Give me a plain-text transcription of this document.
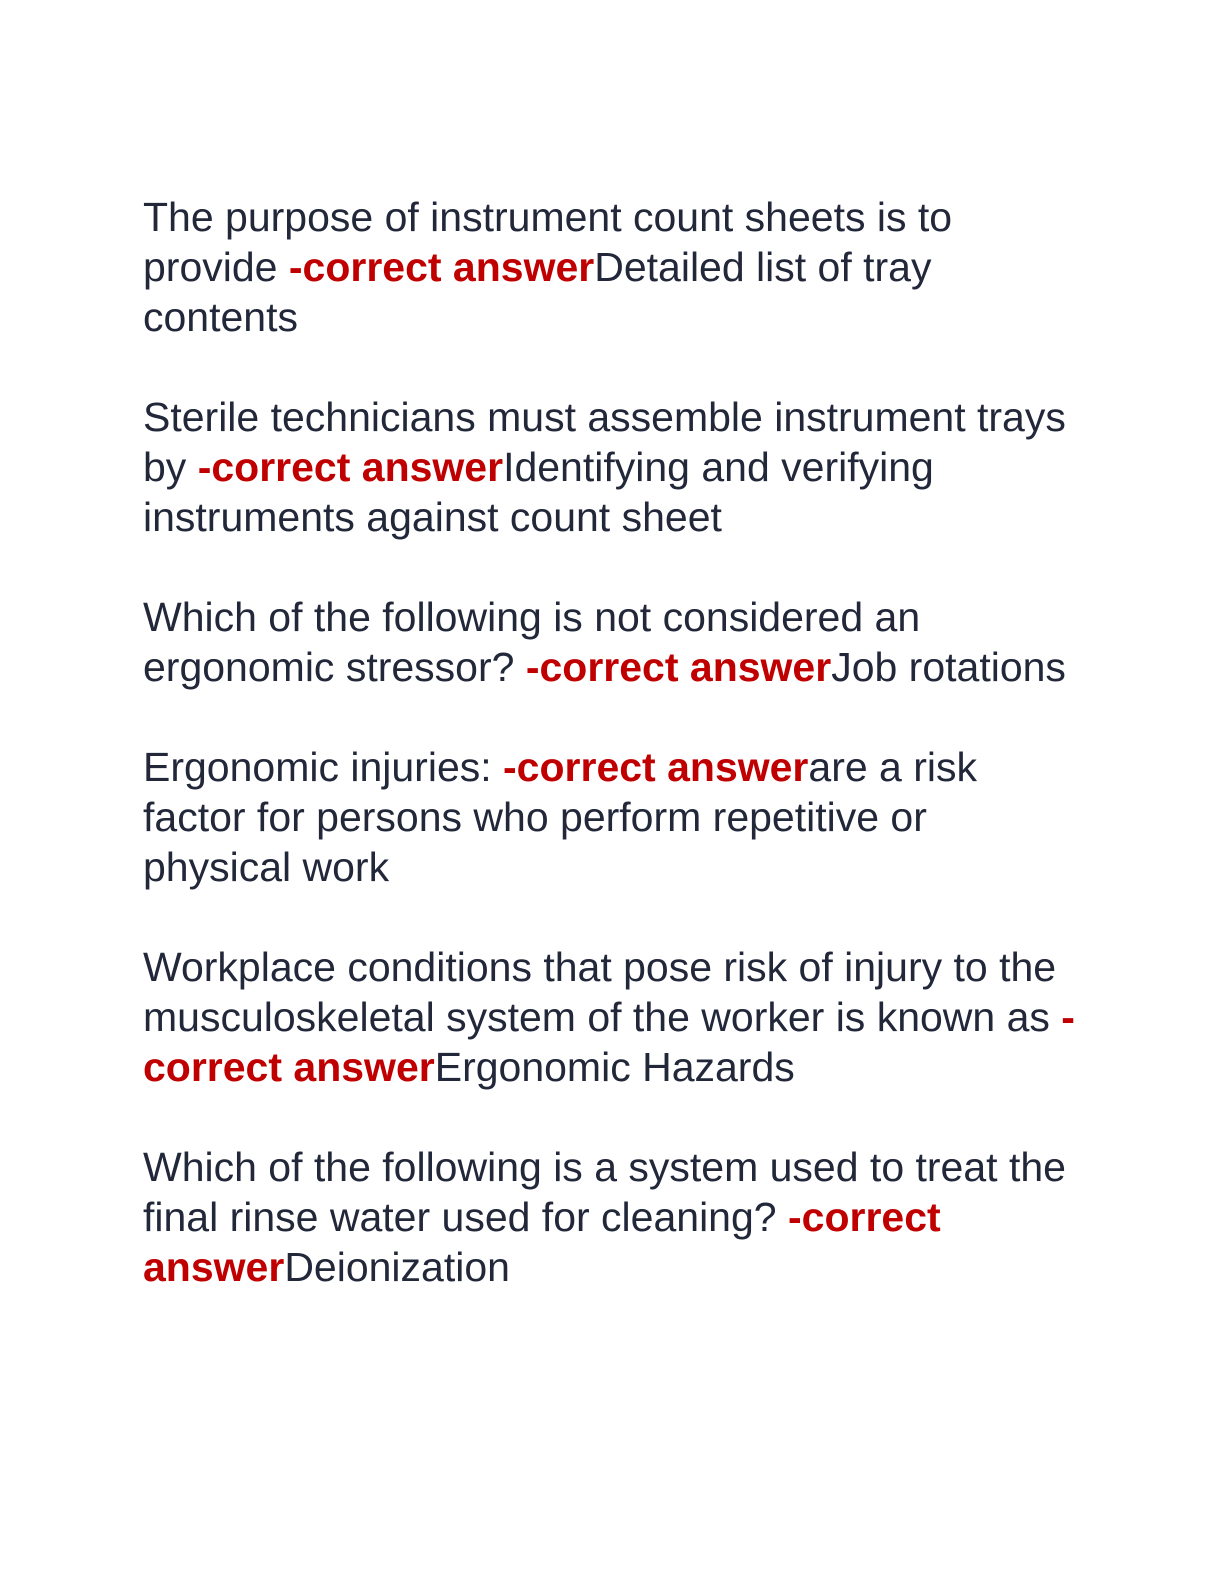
The purpose of instrument count sheets is to provide -correct answerDetailed list of tray contents

Sterile technicians must assemble instrument trays by -correct answerIdentifying and verifying instruments against count sheet

Which of the following is not considered an ergonomic stressor? -correct answerJob rotations

Ergonomic injuries: -correct answerare a risk factor for persons who perform repetitive or physical work

Workplace conditions that pose risk of injury to the musculoskeletal system of the worker is known as -correct answerErgonomic Hazards

Which of the following is a system used to treat the final rinse water used for cleaning? -correct answerDeionization
